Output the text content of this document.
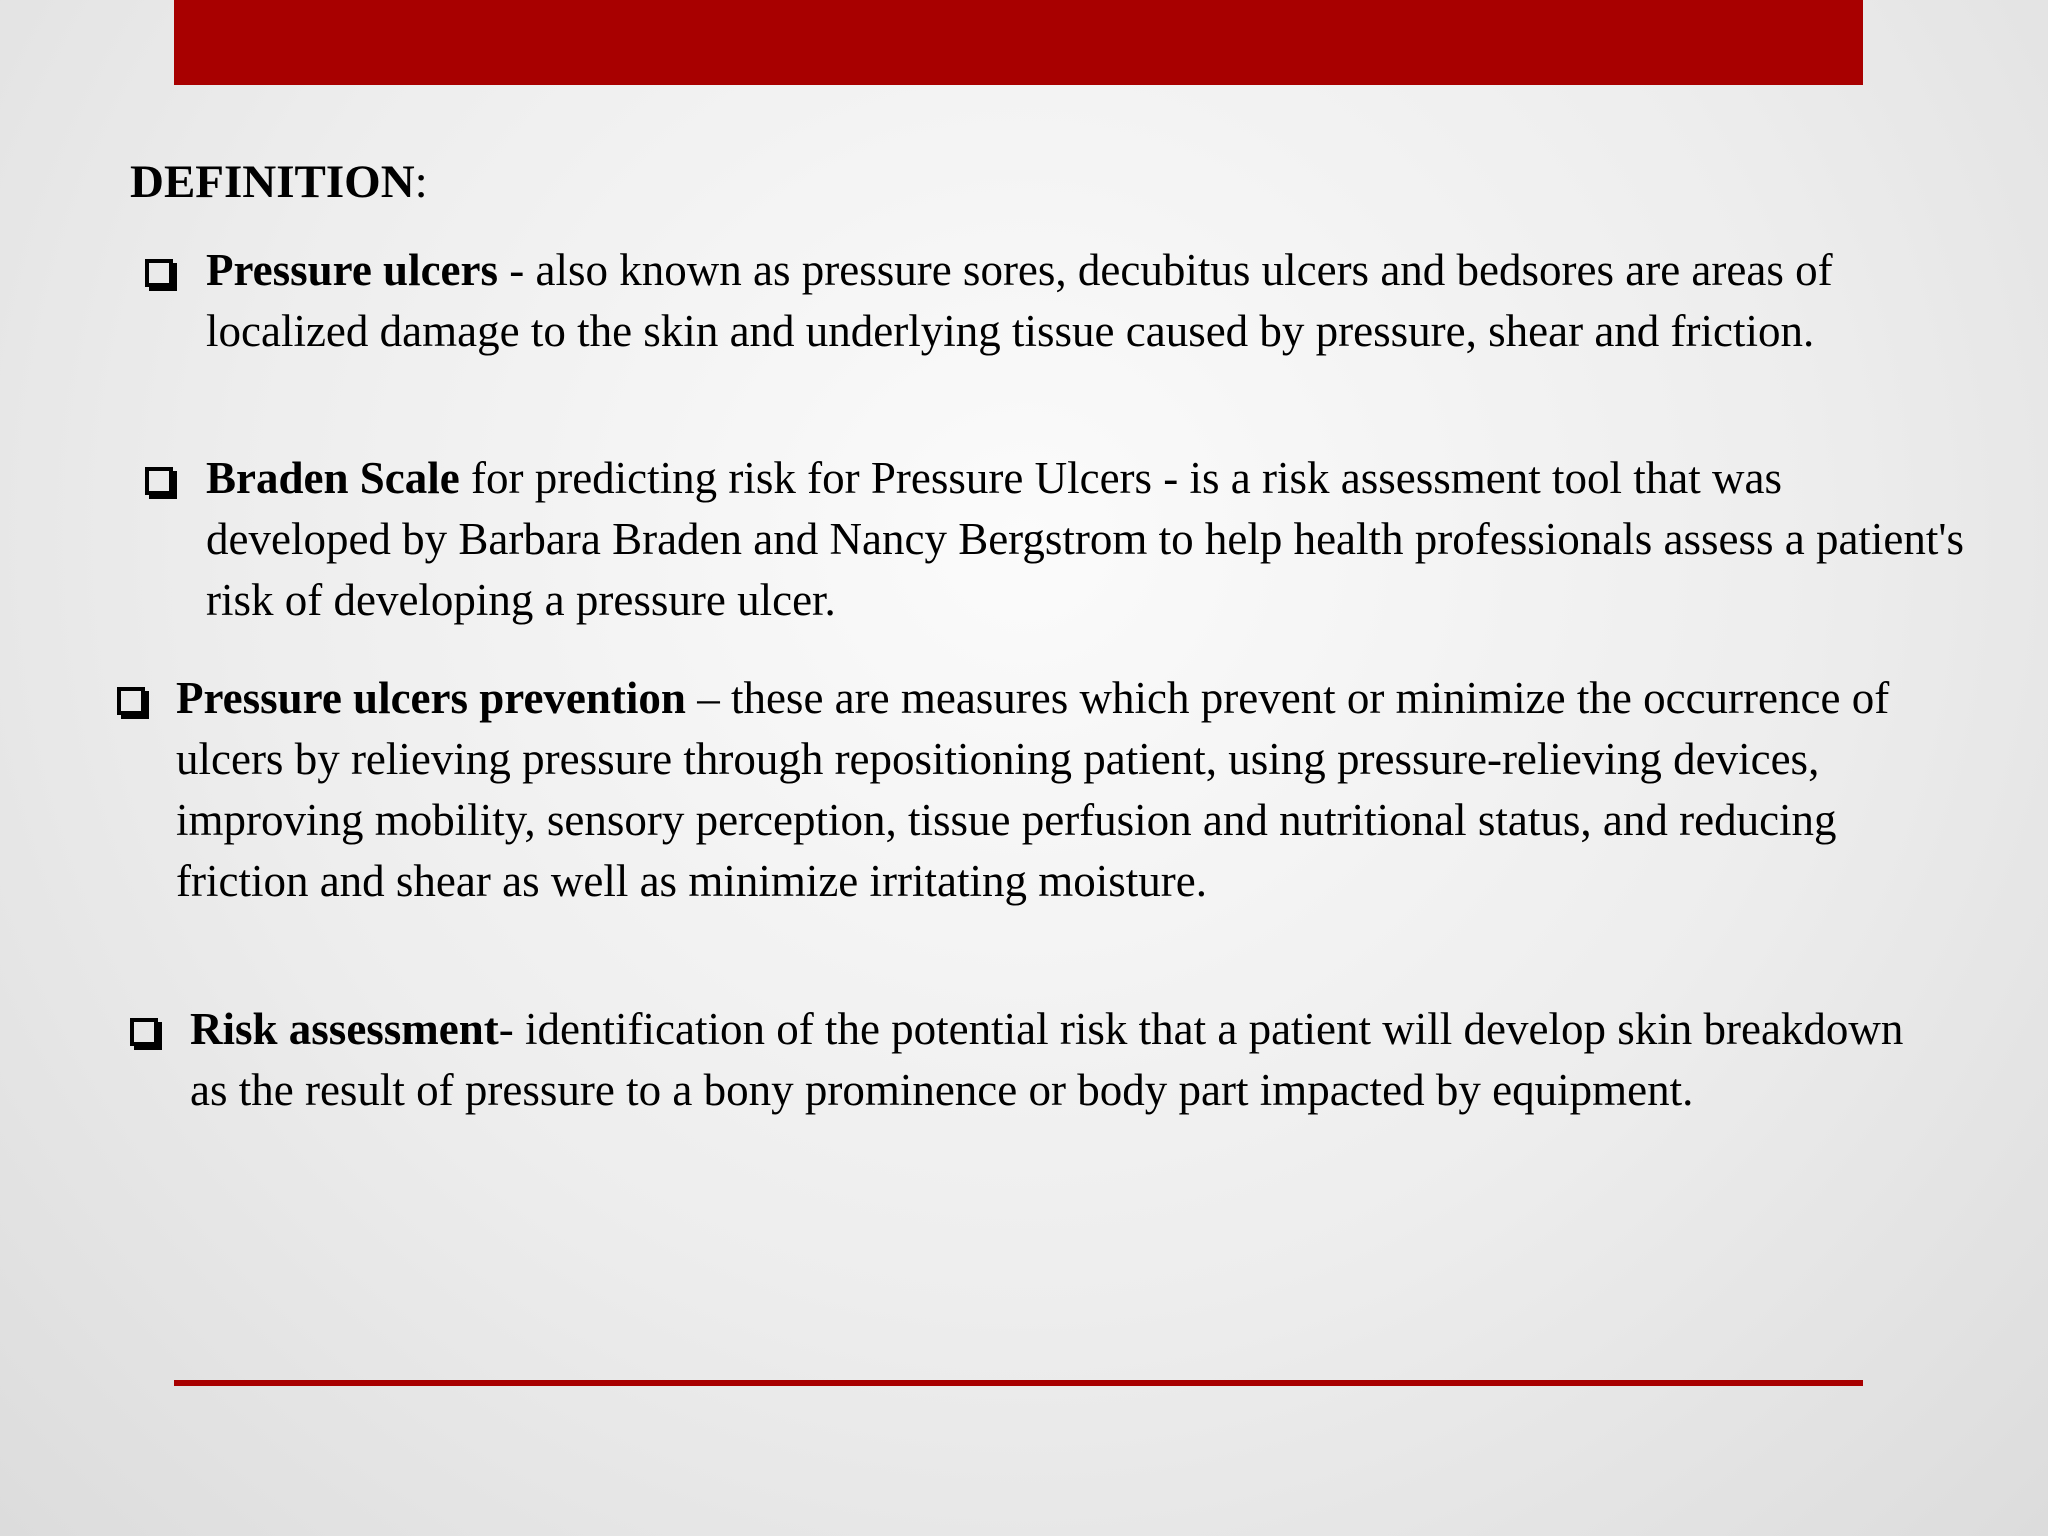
DEFINITION:
Pressure ulcers - also known as pressure sores, decubitus ulcers and bedsores are areas of localized damage to the skin and underlying tissue caused by pressure, shear and friction.
Braden Scale for predicting risk for Pressure Ulcers - is a risk assessment tool that was developed by Barbara Braden and Nancy Bergstrom to help health professionals assess a patient's risk of developing a pressure ulcer.
Pressure ulcers prevention – these are measures which prevent or minimize the occurrence of ulcers by relieving pressure through repositioning patient, using pressure-relieving devices, improving mobility, sensory perception, tissue perfusion and nutritional status, and reducing friction and shear as well as minimize irritating moisture.
Risk assessment- identification of the potential risk that a patient will develop skin breakdown as the result of pressure to a bony prominence or body part impacted by equipment.
